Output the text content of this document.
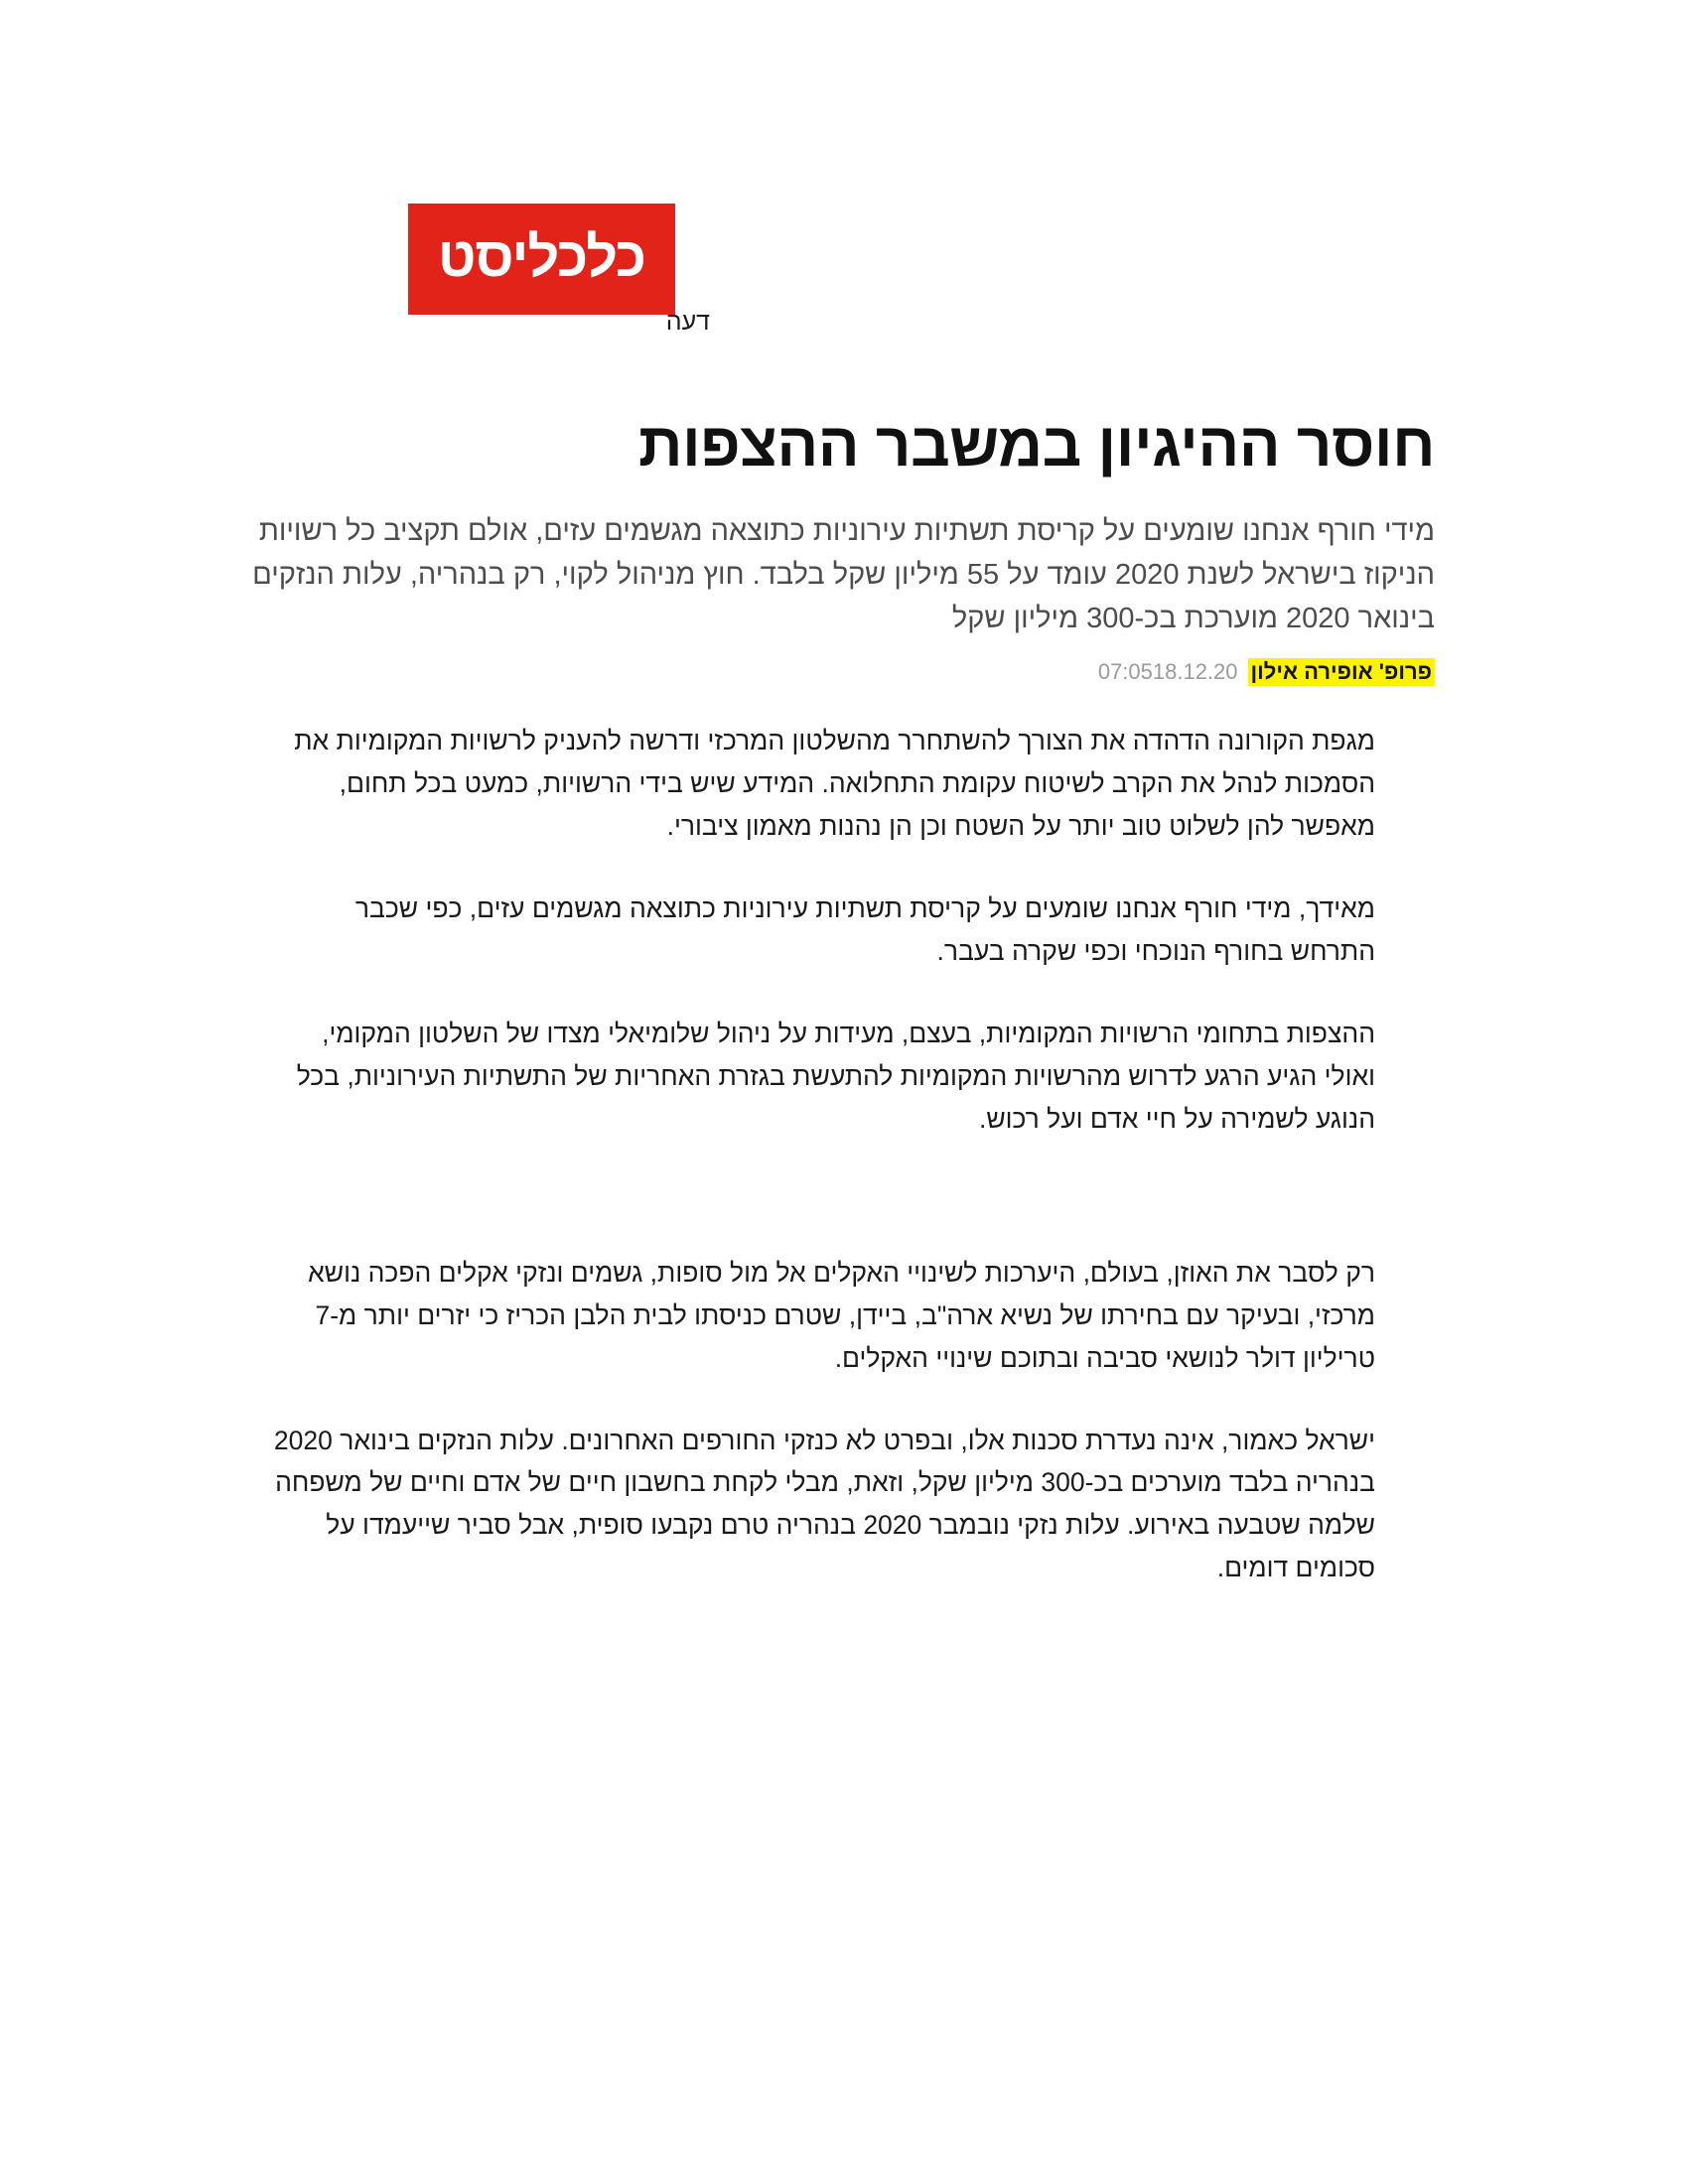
כלכליסט
דעה
חוסר ההיגיון במשבר ההצפות
מידי חורף אנחנו שומעים על קריסת תשתיות עירוניות כתוצאה מגשמים עזים, אולם תקציב כל רשויות הניקוז בישראל לשנת 2020 עומד על 55 מיליון שקל בלבד. חוץ מניהול לקוי, רק בנהריה, עלות הנזקים בינואר 2020 מוערכת בכ-300 מיליון שקל
פרופ' אופירה אילון
07:0518.12.20

מגפת הקורונה הדהדה את הצורך להשתחרר מהשלטון המרכזי ודרשה להעניק לרשויות המקומיות את הסמכות לנהל את הקרב לשיטוח עקומת התחלואה. המידע שיש בידי הרשויות, כמעט בכל תחום, מאפשר להן לשלוט טוב יותר על השטח וכן הן נהנות מאמון ציבורי.

מאידך, מידי חורף אנחנו שומעים על קריסת תשתיות עירוניות כתוצאה מגשמים עזים, כפי שכבר התרחש בחורף הנוכחי וכפי שקרה בעבר.

ההצפות בתחומי הרשויות המקומיות, בעצם, מעידות על ניהול שלומיאלי מצדו של השלטון המקומי, ואולי הגיע הרגע לדרוש מהרשויות המקומיות להתעשת בגזרת האחריות של התשתיות העירוניות, בכל הנוגע לשמירה על חיי אדם ועל רכוש.

רק לסבר את האוזן, בעולם, היערכות לשינויי האקלים אל מול סופות, גשמים ונזקי אקלים הפכה נושא מרכזי, ובעיקר עם בחירתו של נשיא ארה"ב, ביידן, שטרם כניסתו לבית הלבן הכריז כי יזרים יותר מ-7 טריליון דולר לנושאי סביבה ובתוכם שינויי האקלים.

ישראל כאמור, אינה נעדרת סכנות אלו, ובפרט לא כנזקי החורפים האחרונים. עלות הנזקים בינואר 2020 בנהריה בלבד מוערכים בכ-300 מיליון שקל, וזאת, מבלי לקחת בחשבון חיים של אדם וחיים של משפחה שלמה שטבעה באירוע. עלות נזקי נובמבר 2020 בנהריה טרם נקבעו סופית, אבל סביר שייעמדו על סכומים דומים.
